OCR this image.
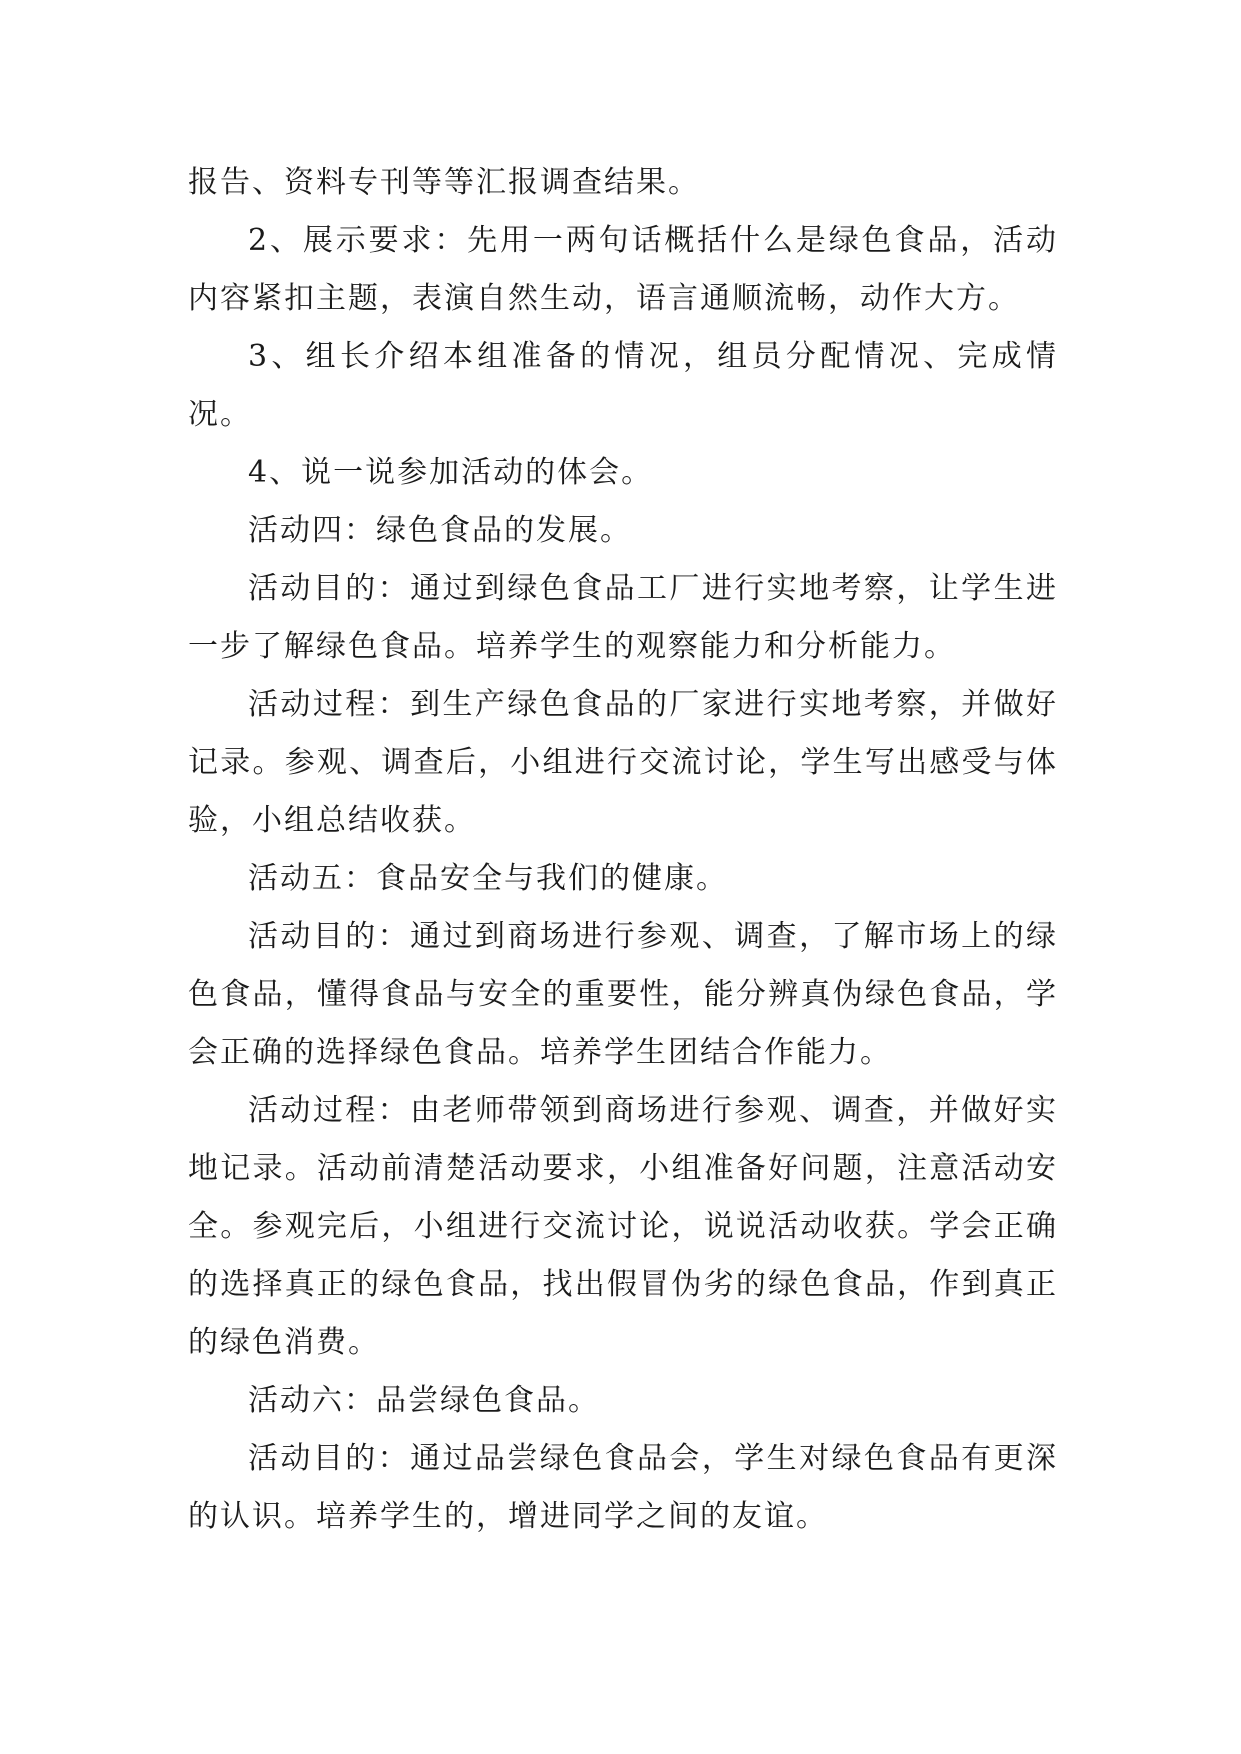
报告、资料专刊等等汇报调查结果。

2、展示要求：先用一两句话概括什么是绿色食品，活动内容紧扣主题，表演自然生动，语言通顺流畅，动作大方。

3、组长介绍本组准备的情况，组员分配情况、完成情况。

4、说一说参加活动的体会。

活动四：绿色食品的发展。

活动目的：通过到绿色食品工厂进行实地考察，让学生进一步了解绿色食品。培养学生的观察能力和分析能力。

活动过程：到生产绿色食品的厂家进行实地考察，并做好记录。参观、调查后，小组进行交流讨论，学生写出感受与体验，小组总结收获。

活动五：食品安全与我们的健康。

活动目的：通过到商场进行参观、调查，了解市场上的绿色食品，懂得食品与安全的重要性，能分辨真伪绿色食品，学会正确的选择绿色食品。培养学生团结合作能力。

活动过程：由老师带领到商场进行参观、调查，并做好实地记录。活动前清楚活动要求，小组准备好问题，注意活动安全。参观完后，小组进行交流讨论，说说活动收获。学会正确的选择真正的绿色食品，找出假冒伪劣的绿色食品，作到真正的绿色消费。

活动六：品尝绿色食品。

活动目的：通过品尝绿色食品会，学生对绿色食品有更深的认识。培养学生的，增进同学之间的友谊。
